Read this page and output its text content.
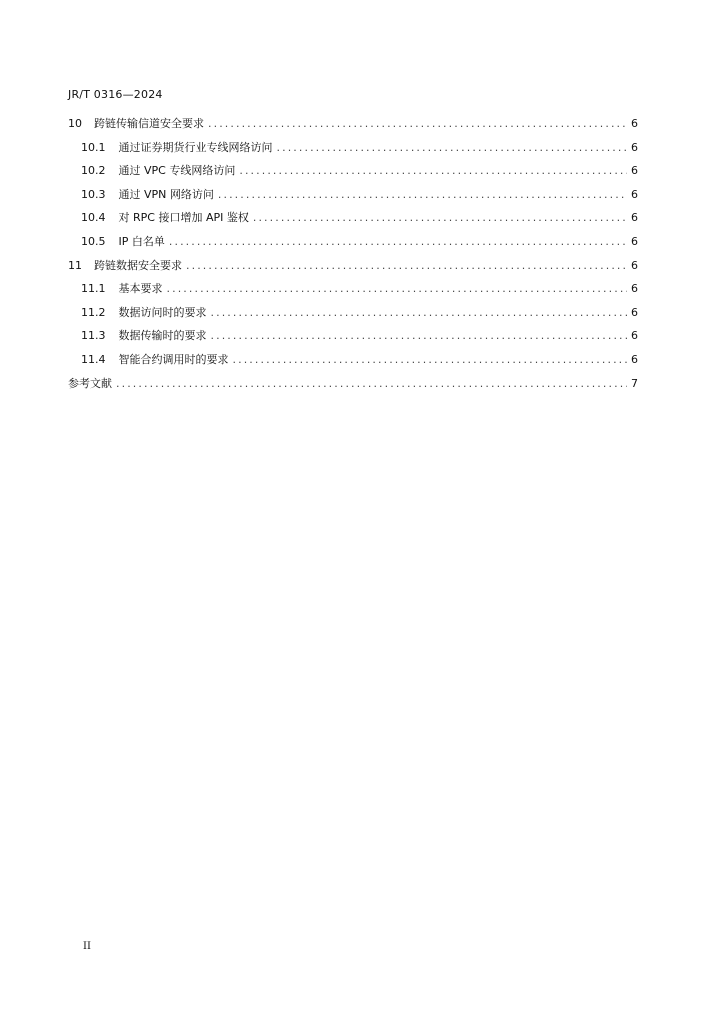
JR/T 0316—2024
10 跨链传输信道安全要求 .....	6
10.1 通过证券期货行业专线网络访问 .....	6
10.2 通过 VPC 专线网络访问 .....	6
10.3 通过 VPN 网络访问 .....	6
10.4 对 RPC 接口增加 API 鉴权 .....	6
10.5 IP 白名单 .....	6
11 跨链数据安全要求 .....	6
11.1 基本要求 .....	6
11.2 数据访问时的要求 .....	6
11.3 数据传输时的要求 .....	6
11.4 智能合约调用时的要求 .....	6
参考文献 .....	7
II
